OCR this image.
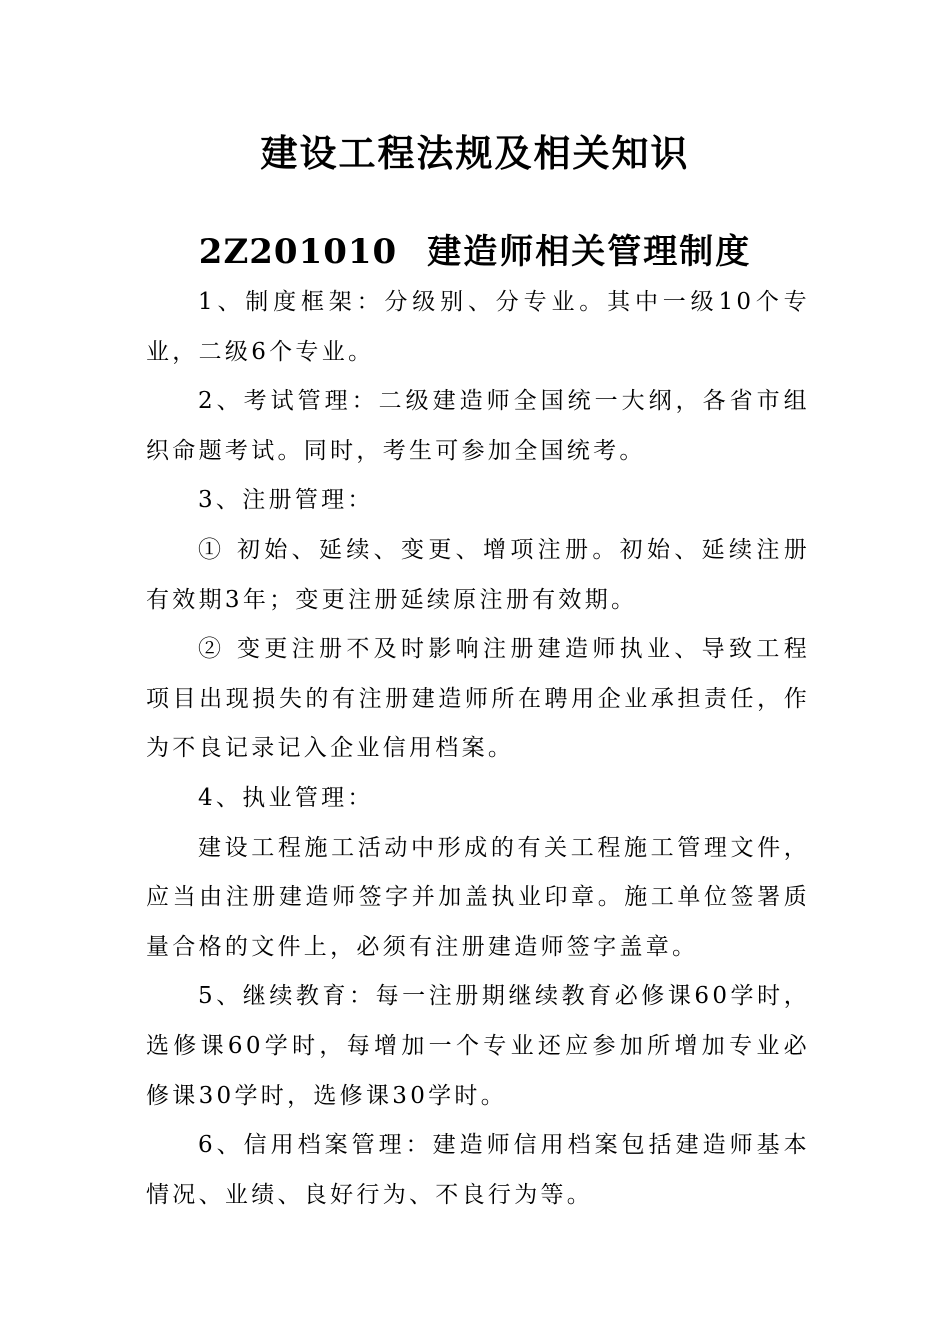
建设工程法规及相关知识
2Z201010 建造师相关管理制度

1、制度框架：分级别、分专业。其中一级10个专业，二级6个专业。

2、考试管理：二级建造师全国统一大纲，各省市组织命题考试。同时，考生可参加全国统考。

3、注册管理：

① 初始、延续、变更、增项注册。初始、延续注册有效期3年；变更注册延续原注册有效期。

② 变更注册不及时影响注册建造师执业、导致工程项目出现损失的有注册建造师所在聘用企业承担责任，作为不良记录记入企业信用档案。

4、执业管理：

建设工程施工活动中形成的有关工程施工管理文件，应当由注册建造师签字并加盖执业印章。施工单位签署质量合格的文件上，必须有注册建造师签字盖章。

5、继续教育：每一注册期继续教育必修课60学时，选修课60学时，每增加一个专业还应参加所增加专业必修课30学时，选修课30学时。

6、信用档案管理：建造师信用档案包括建造师基本情况、业绩、良好行为、不良行为等。
